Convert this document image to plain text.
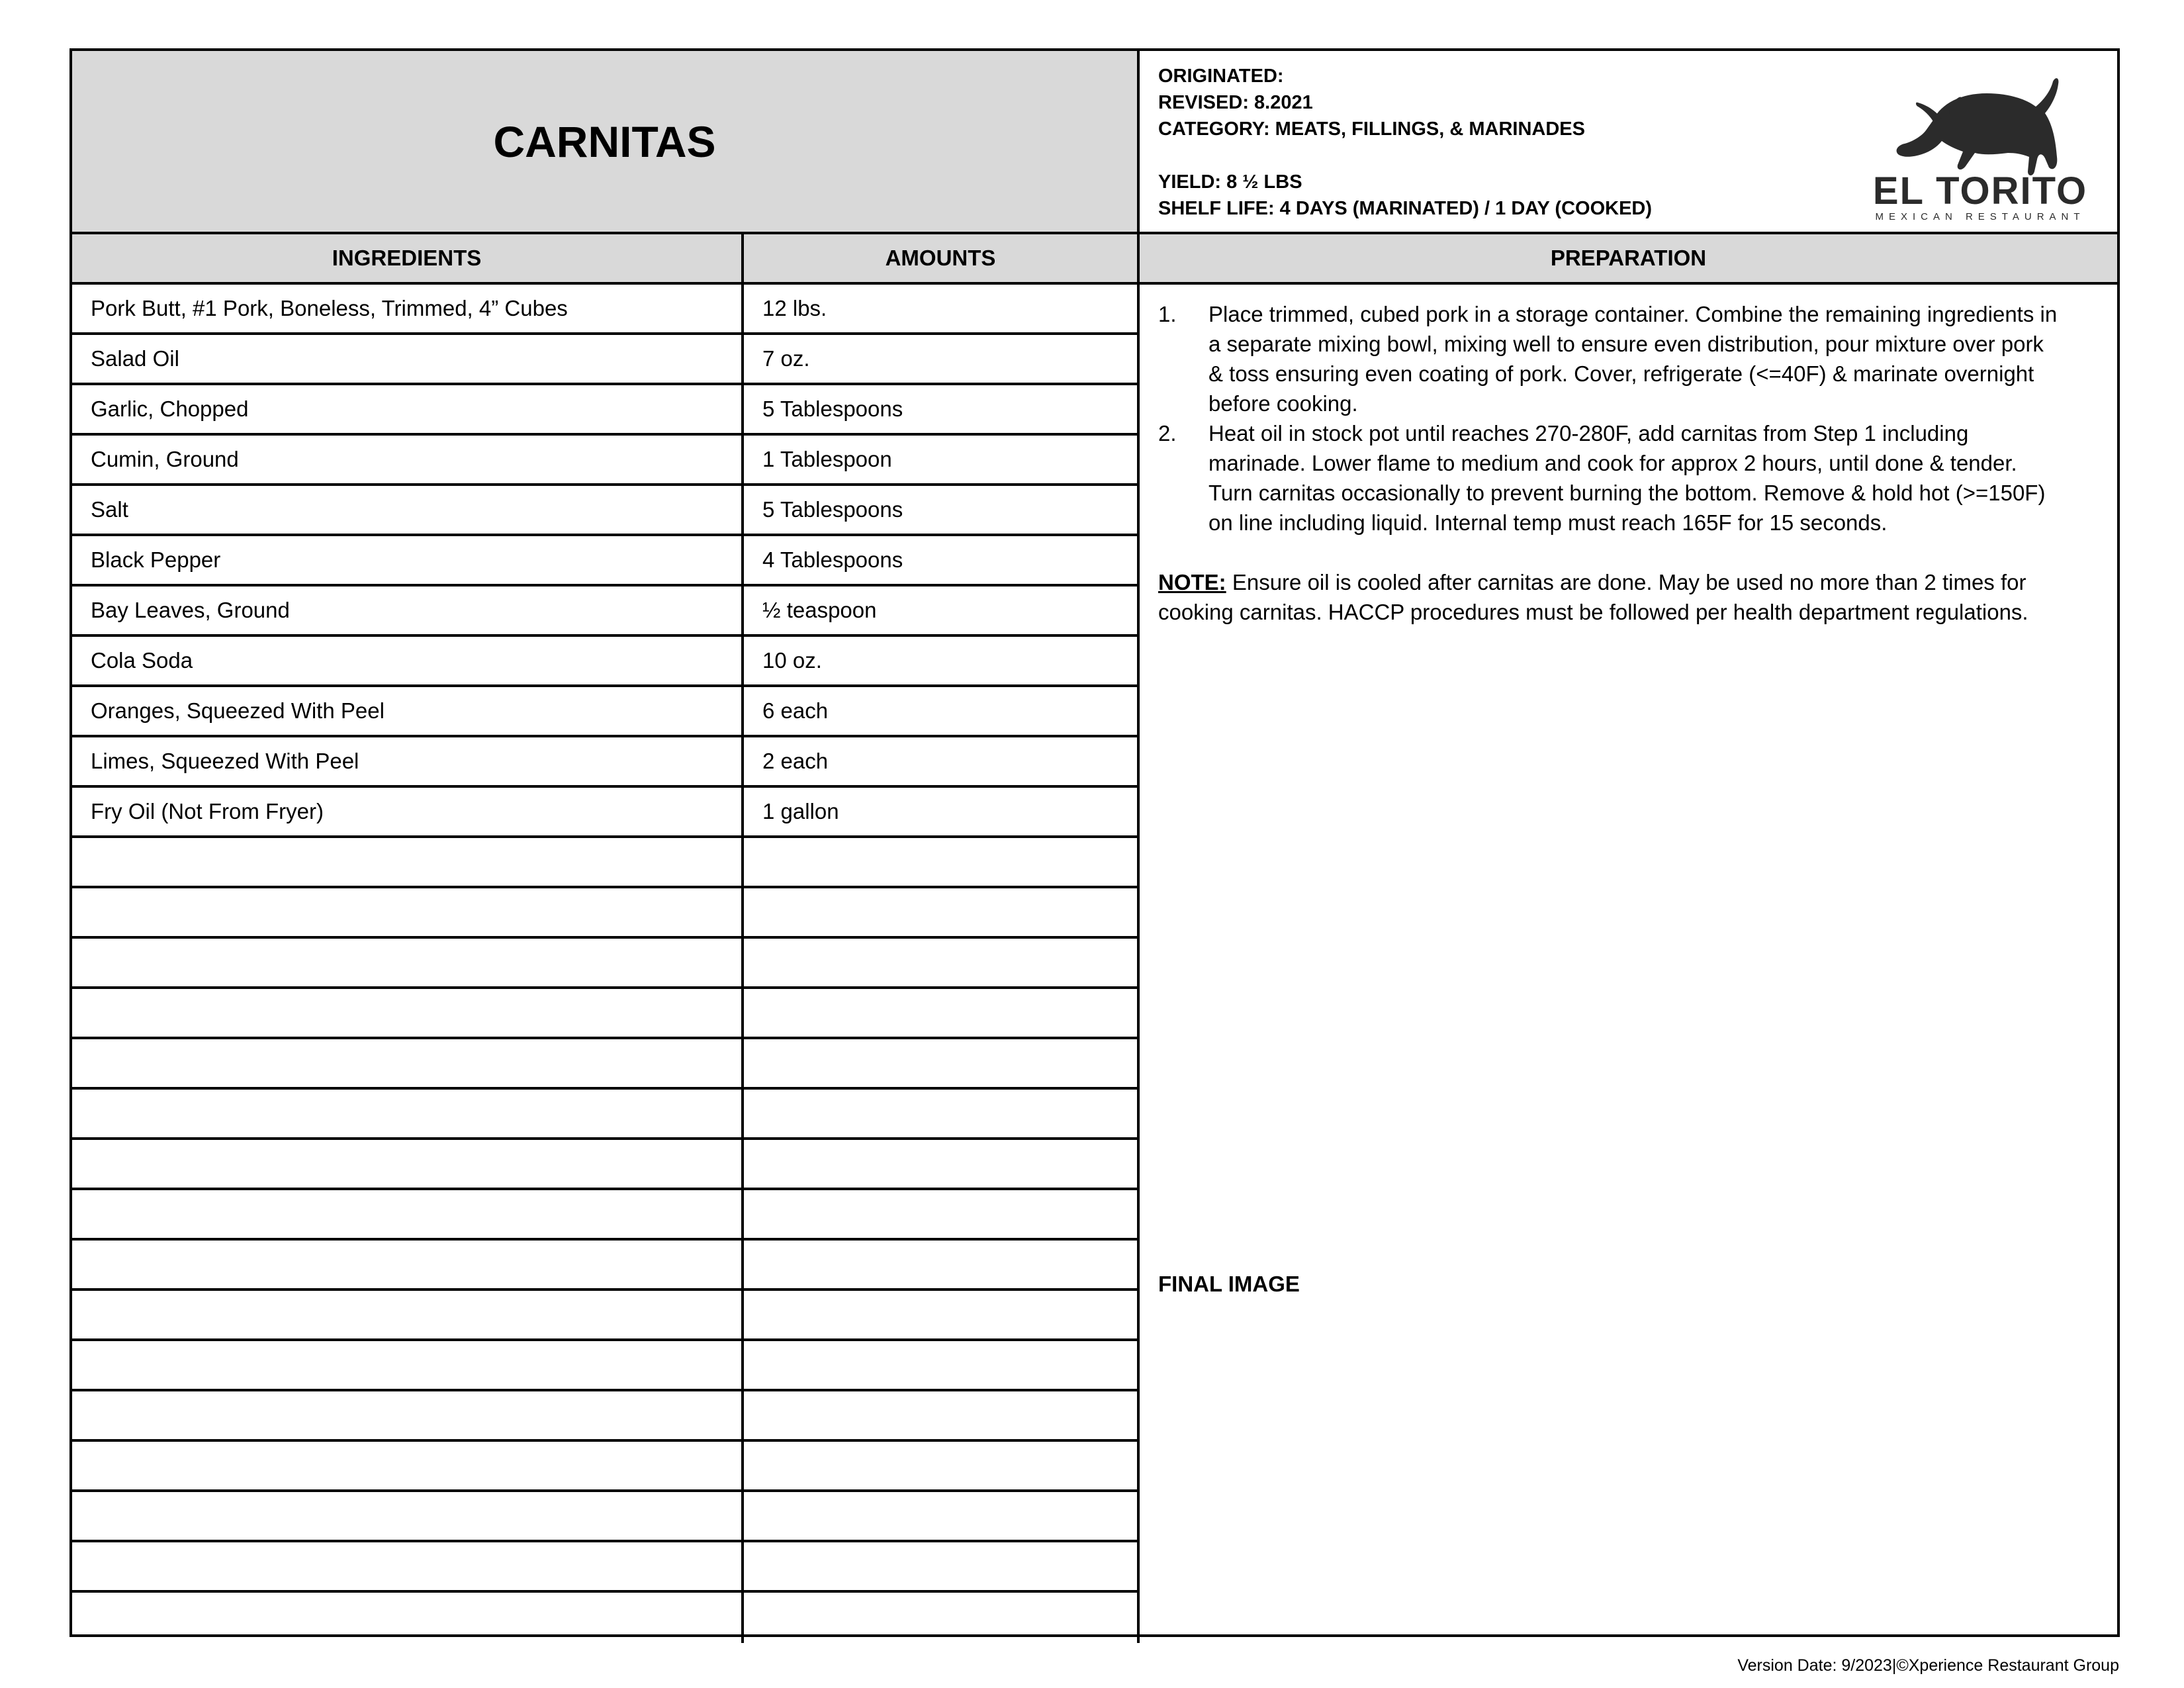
CARNITAS
ORIGINATED:
REVISED: 8.2021
CATEGORY: MEATS, FILLINGS, & MARINADES
YIELD: 8 ½ LBS
SHELF LIFE: 4 DAYS (MARINATED) / 1 DAY (COOKED)	EL TORITO
MEXICAN RESTAURANT
INGREDIENTS	AMOUNTS	PREPARATION
Pork Butt, #1 Pork, Boneless, Trimmed, 4” Cubes	12 lbs.
Salad Oil	7 oz.
Garlic, Chopped	5 Tablespoons
Cumin, Ground	1 Tablespoon
Salt	5 Tablespoons
Black Pepper	4 Tablespoons
Bay Leaves, Ground	½ teaspoon
Cola Soda	10 oz.
Oranges, Squeezed With Peel	6 each
Limes, Squeezed With Peel	2 each
Fry Oil (Not From Fryer)	1 gallon
1.	Place trimmed, cubed pork in a storage container. Combine the remaining ingredients in
a separate mixing bowl, mixing well to ensure even distribution, pour mixture over pork
& toss ensuring even coating of pork. Cover, refrigerate (<=40F) & marinate overnight
before cooking.
2.	Heat oil in stock pot until reaches 270-280F, add carnitas from Step 1 including
marinade. Lower flame to medium and cook for approx 2 hours, until done & tender.
Turn carnitas occasionally to prevent burning the bottom. Remove & hold hot (>=150F)
on line including liquid. Internal temp must reach 165F for 15 seconds.
NOTE: Ensure oil is cooled after carnitas are done. May be used no more than 2 times for
cooking carnitas. HACCP procedures must be followed per health department regulations.
FINAL IMAGE
Version Date: 9/2023|©Xperience Restaurant Group
